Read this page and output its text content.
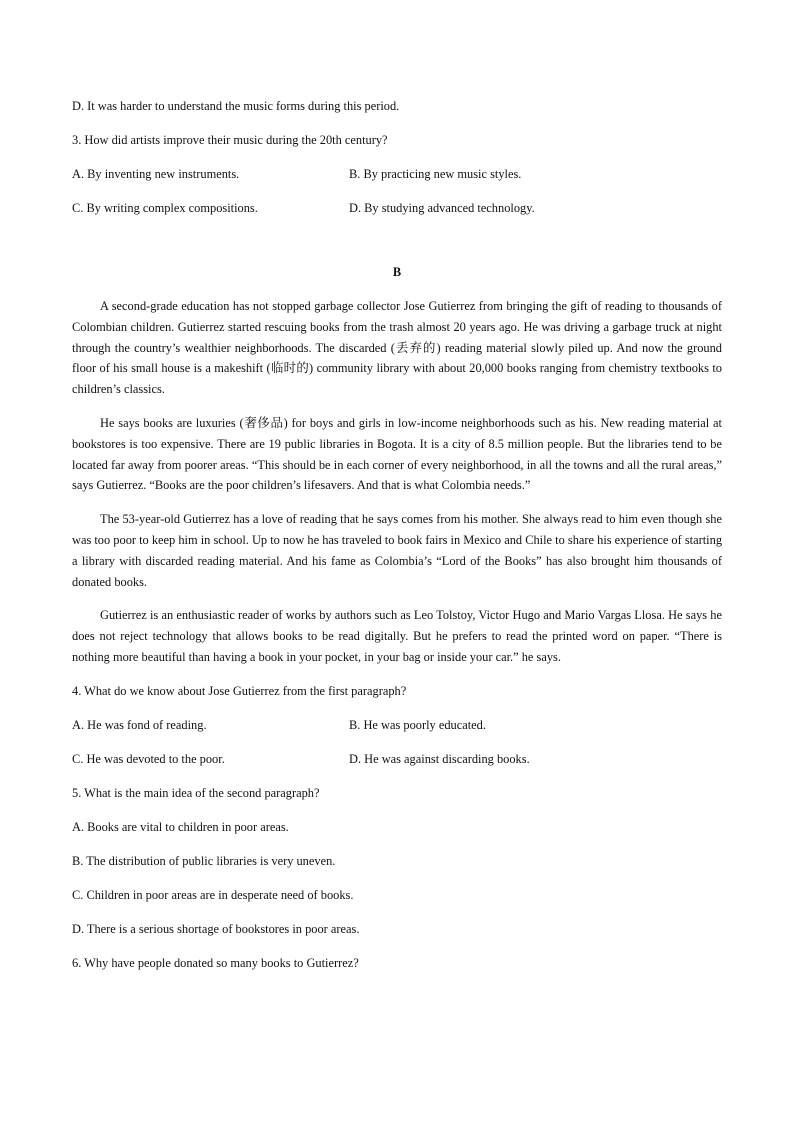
D. It was harder to understand the music forms during this period.
3. How did artists improve their music during the 20th century?
A. By inventing new instruments.	B. By practicing new music styles.
C. By writing complex compositions.	D. By studying advanced technology.
B

A second-grade education has not stopped garbage collector Jose Gutierrez from bringing the gift of reading to thousands of Colombian children. Gutierrez started rescuing books from the trash almost 20 years ago. He was driving a garbage truck at night through the country’s wealthier neighborhoods. The discarded (丢弃的) reading material slowly piled up. And now the ground floor of his small house is a makeshift (临时的) community library with about 20,000 books ranging from chemistry textbooks to children’s classics.

He says books are luxuries (奢侈品) for boys and girls in low-income neighborhoods such as his. New reading material at bookstores is too expensive. There are 19 public libraries in Bogota. It is a city of 8.5 million people. But the libraries tend to be located far away from poorer areas. “This should be in each corner of every neighborhood, in all the towns and all the rural areas,” says Gutierrez. “Books are the poor children’s lifesavers. And that is what Colombia needs.”

The 53-year-old Gutierrez has a love of reading that he says comes from his mother. She always read to him even though she was too poor to keep him in school. Up to now he has traveled to book fairs in Mexico and Chile to share his experience of starting a library with discarded reading material. And his fame as Colombia’s “Lord of the Books” has also brought him thousands of donated books.

Gutierrez is an enthusiastic reader of works by authors such as Leo Tolstoy, Victor Hugo and Mario Vargas Llosa. He says he does not reject technology that allows books to be read digitally. But he prefers to read the printed word on paper. “There is nothing more beautiful than having a book in your pocket, in your bag or inside your car.” he says.

4. What do we know about Jose Gutierrez from the first paragraph?
A. He was fond of reading.	B. He was poorly educated.
C. He was devoted to the poor.	D. He was against discarding books.
5. What is the main idea of the second paragraph?
A. Books are vital to children in poor areas.
B. The distribution of public libraries is very uneven.
C. Children in poor areas are in desperate need of books.
D. There is a serious shortage of bookstores in poor areas.
6. Why have people donated so many books to Gutierrez?
